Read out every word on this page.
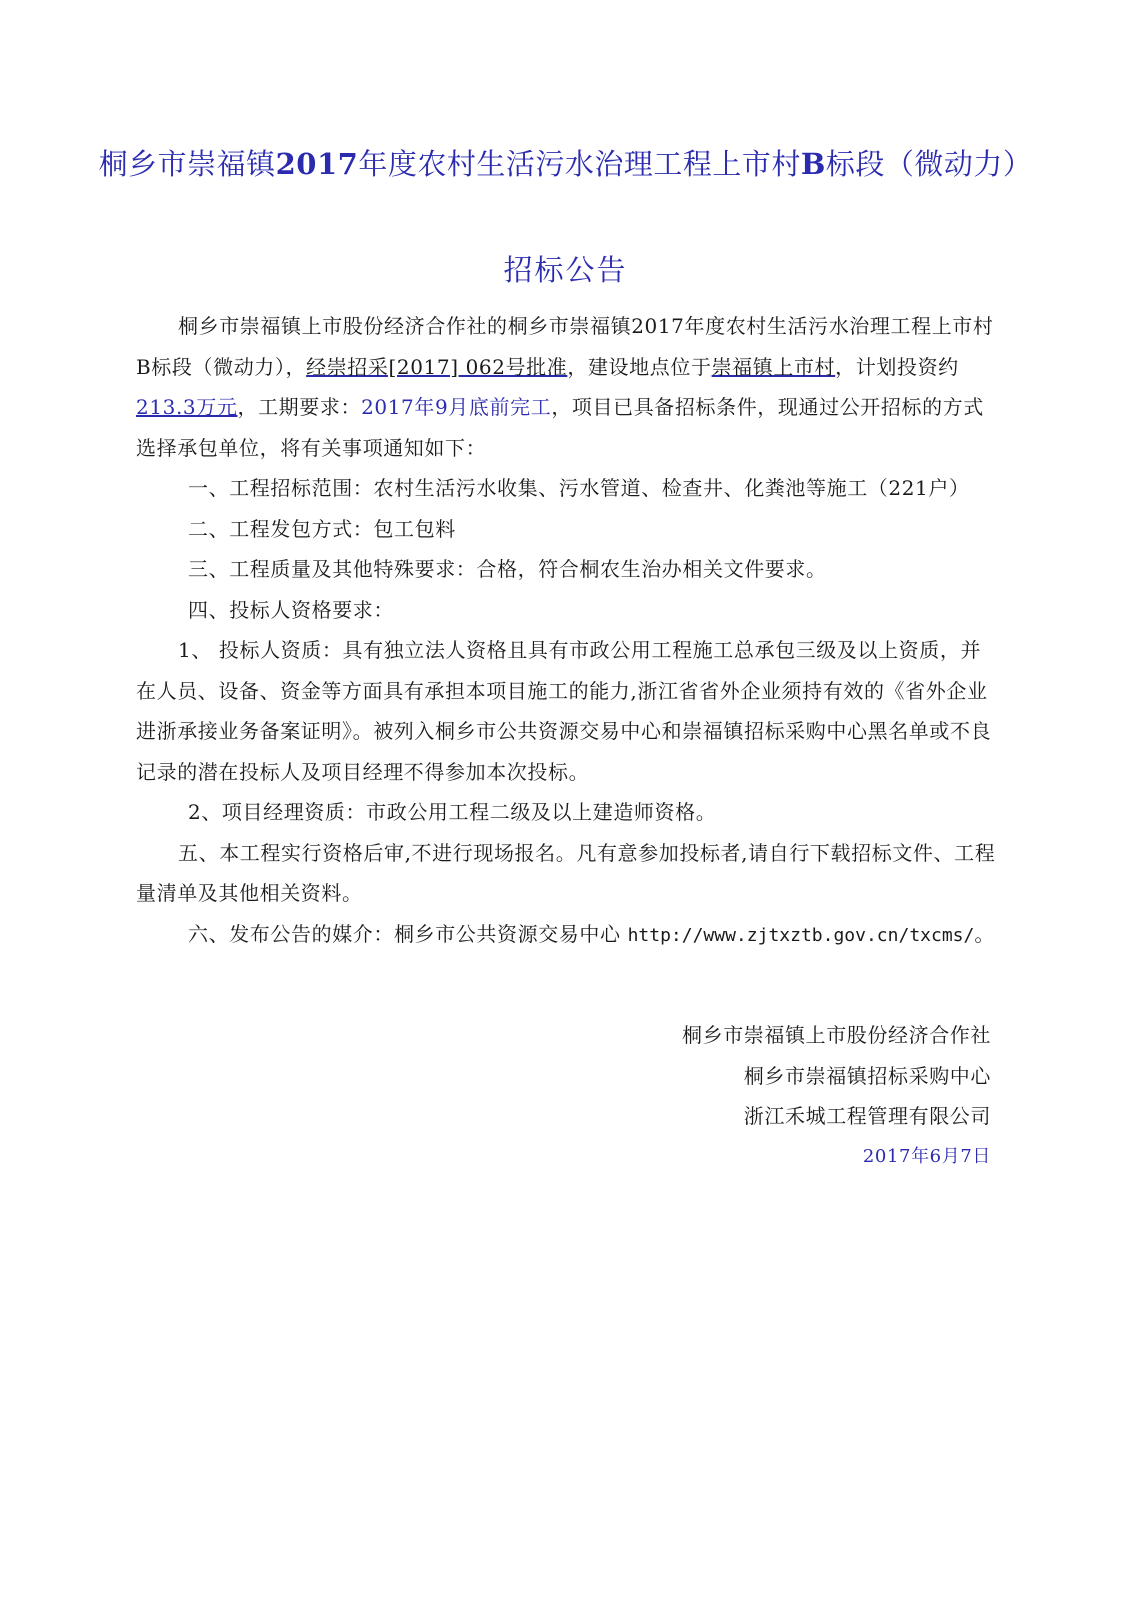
桐乡市崇福镇2017年度农村生活污水治理工程上市村B标段（微动力）
招标公告

桐乡市崇福镇上市股份经济合作社的桐乡市崇福镇2017年度农村生活污水治理工程上市村B标段（微动力），经崇招采[2017] 062号批准，建设地点位于崇福镇上市村，计划投资约213.3万元，工期要求：2017年9月底前完工，项目已具备招标条件，现通过公开招标的方式选择承包单位，将有关事项通知如下：

一、工程招标范围：农村生活污水收集、污水管道、检查井、化粪池等施工（221户）

二、工程发包方式：包工包料

三、工程质量及其他特殊要求：合格，符合桐农生治办相关文件要求。

四、投标人资格要求：

1、 投标人资质：具有独立法人资格且具有市政公用工程施工总承包三级及以上资质，并在人员、设备、资金等方面具有承担本项目施工的能力,浙江省省外企业须持有效的《省外企业进浙承接业务备案证明》。被列入桐乡市公共资源交易中心和崇福镇招标采购中心黑名单或不良记录的潜在投标人及项目经理不得参加本次投标。

2、项目经理资质：市政公用工程二级及以上建造师资格。

五、本工程实行资格后审,不进行现场报名。凡有意参加投标者,请自行下载招标文件、工程量清单及其他相关资料。

六、发布公告的媒介：桐乡市公共资源交易中心 http://www.zjtxztb.gov.cn/txcms/。

桐乡市崇福镇上市股份经济合作社
桐乡市崇福镇招标采购中心
浙江禾城工程管理有限公司
2017年6月7日
